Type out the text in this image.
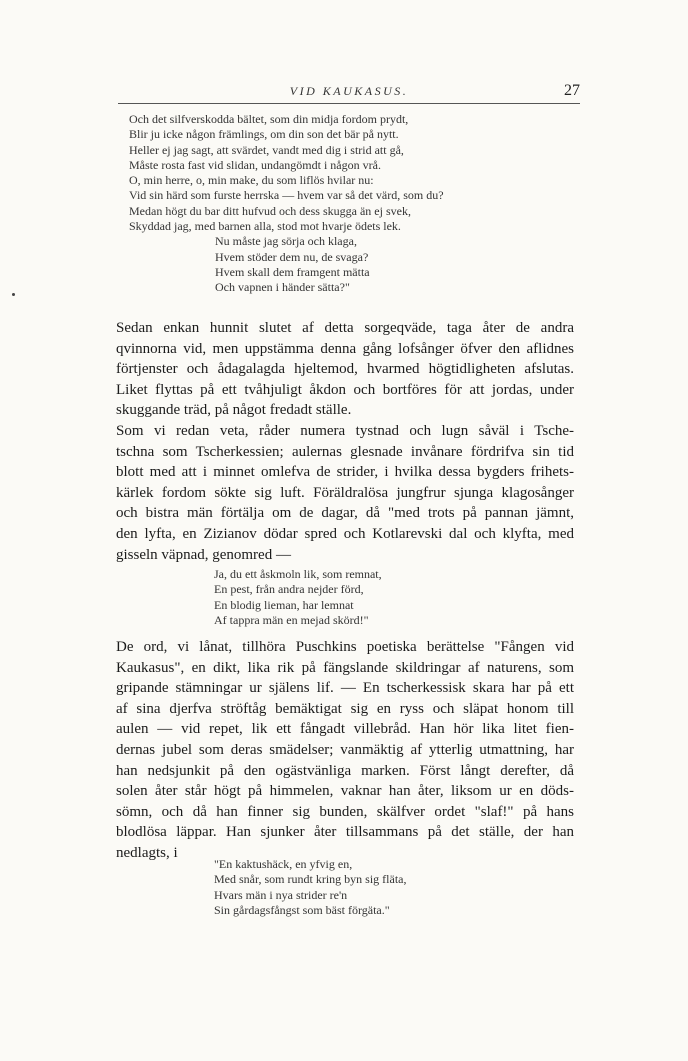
VID KAUKASUS.	27
Och det silfverskodda bältet, som din midja fordom prydt,
Blir ju icke någon främlings, om din son det bär på nytt.
Heller ej jag sagt, att svärdet, vandt med dig i strid att gå,
Måste rosta fast vid slidan, undangömdt i någon vrå.
O, min herre, o, min make, du som liflös hvilar nu:
Vid sin härd som furste herrska — hvem var så det värd, som du?
Medan högt du bar ditt hufvud och dess skugga än ej svek,
Skyddad jag, med barnen alla, stod mot hvarje ödets lek.
Nu måste jag sörja och klaga,
Hvem stöder dem nu, de svaga?
Hvem skall dem framgent mätta
Och vapnen i händer sätta?"
Sedan enkan hunnit slutet af detta sorgeqväde, taga åter de andra
qvinnorna vid, men uppstämma denna gång lofsånger öfver den aflidnes
förtjenster och ådagalagda hjeltemod, hvarmed högtidligheten afslutas.
Liket flyttas på ett tvåhjuligt åkdon och bortföres för att jordas, under
skuggande träd, på något fredadt ställe.
Som vi redan veta, råder numera tystnad och lugn såväl i Tsche-
tschna som Tscherkessien; aulernas glesnade invånare fördrifva sin tid
blott med att i minnet omlefva de strider, i hvilka dessa bygders frihets-
kärlek fordom sökte sig luft. Föräldralösa jungfrur sjunga klagosånger
och bistra män förtälja om de dagar, då "med trots på pannan jämnt,
den lyfta, en Zizianov dödar spred och Kotlarevski dal och klyfta, med
gisseln väpnad, genomred —
Ja, du ett åskmoln lik, som remnat,
En pest, från andra nejder förd,
En blodig lieman, har lemnat
Af tappra män en mejad skörd!"
De ord, vi lånat, tillhöra Puschkins poetiska berättelse "Fången vid
Kaukasus", en dikt, lika rik på fängslande skildringar af naturens, som
gripande stämningar ur själens lif. — En tscherkessisk skara har på ett
af sina djerfva ströftåg bemäktigat sig en ryss och släpat honom till
aulen — vid repet, lik ett fångadt villebråd. Han hör lika litet fien-
dernas jubel som deras smädelser; vanmäktig af ytterlig utmattning, har
han nedsjunkit på den ogästvänliga marken. Först långt derefter, då
solen åter står högt på himmelen, vaknar han åter, liksom ur en döds-
sömn, och då han finner sig bunden, skälfver ordet "slaf!" på hans
blodlösa läppar. Han sjunker åter tillsammans på det ställe, der han
nedlagts, i
"En kaktushäck, en yfvig en,
Med snår, som rundt kring byn sig fläta,
Hvars män i nya strider re'n
Sin gårdagsfångst som bäst förgäta."
